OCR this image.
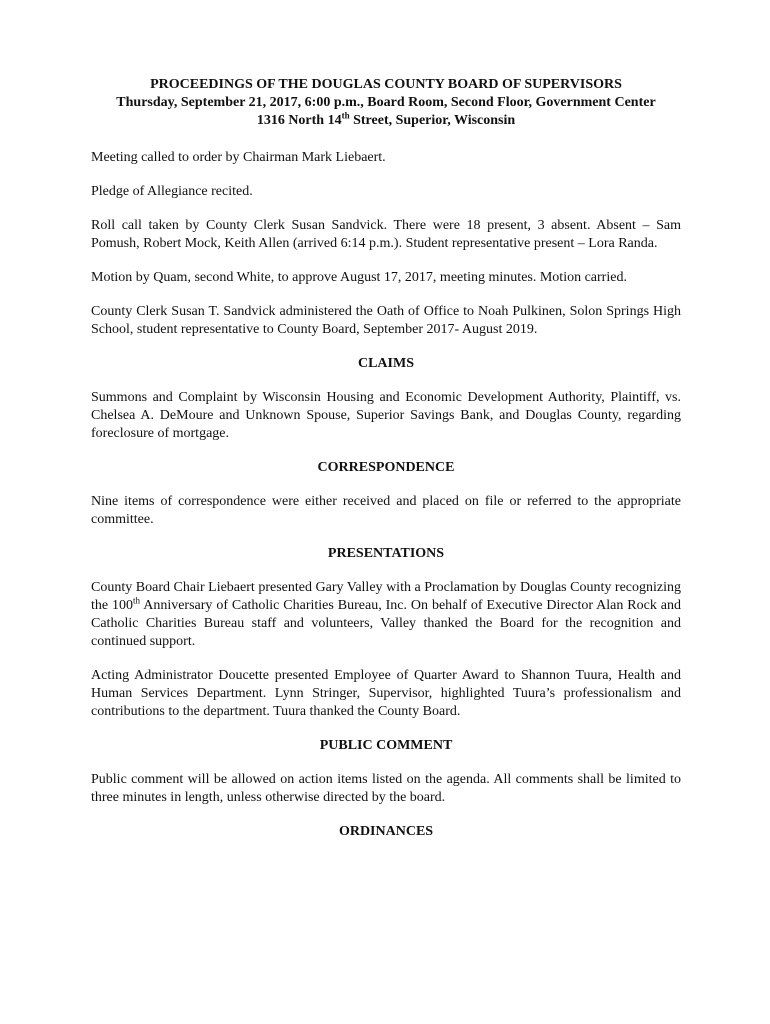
PROCEEDINGS OF THE DOUGLAS COUNTY BOARD OF SUPERVISORS
Thursday, September 21, 2017, 6:00 p.m., Board Room, Second Floor, Government Center
1316 North 14th Street, Superior, Wisconsin

Meeting called to order by Chairman Mark Liebaert.

Pledge of Allegiance recited.

Roll call taken by County Clerk Susan Sandvick. There were 18 present, 3 absent. Absent – Sam Pomush, Robert Mock, Keith Allen (arrived 6:14 p.m.). Student representative present – Lora Randa.

Motion by Quam, second White, to approve August 17, 2017, meeting minutes. Motion carried.

County Clerk Susan T. Sandvick administered the Oath of Office to Noah Pulkinen, Solon Springs High School, student representative to County Board, September 2017- August 2019.

CLAIMS

Summons and Complaint by Wisconsin Housing and Economic Development Authority, Plaintiff, vs. Chelsea A. DeMoure and Unknown Spouse, Superior Savings Bank, and Douglas County, regarding foreclosure of mortgage.

CORRESPONDENCE

Nine items of correspondence were either received and placed on file or referred to the appropriate committee.

PRESENTATIONS

County Board Chair Liebaert presented Gary Valley with a Proclamation by Douglas County recognizing the 100th Anniversary of Catholic Charities Bureau, Inc. On behalf of Executive Director Alan Rock and Catholic Charities Bureau staff and volunteers, Valley thanked the Board for the recognition and continued support.

Acting Administrator Doucette presented Employee of Quarter Award to Shannon Tuura, Health and Human Services Department. Lynn Stringer, Supervisor, highlighted Tuura’s professionalism and contributions to the department. Tuura thanked the County Board.

PUBLIC COMMENT

Public comment will be allowed on action items listed on the agenda. All comments shall be limited to three minutes in length, unless otherwise directed by the board.

ORDINANCES
